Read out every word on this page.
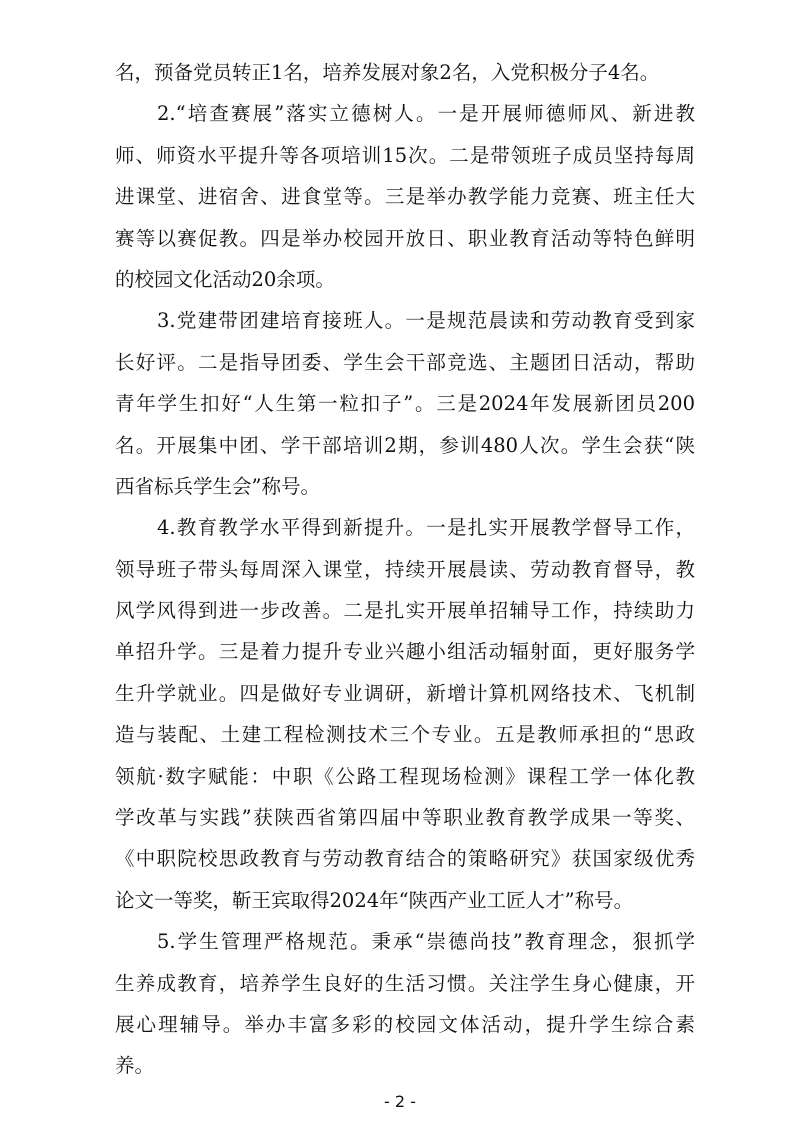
名，预备党员转正1名，培养发展对象2名，入党积极分子4名。
2.“培查赛展”落实立德树人。一是开展师德师风、新进教
师、师资水平提升等各项培训15次。二是带领班子成员坚持每周
进课堂、进宿舍、进食堂等。三是举办教学能力竞赛、班主任大
赛等以赛促教。四是举办校园开放日、职业教育活动等特色鲜明
的校园文化活动20余项。
3.党建带团建培育接班人。一是规范晨读和劳动教育受到家
长好评。二是指导团委、学生会干部竞选、主题团日活动，帮助
青年学生扣好“人生第一粒扣子”。三是2024年发展新团员200
名。开展集中团、学干部培训2期，参训480人次。学生会获“陕
西省标兵学生会”称号。
4.教育教学水平得到新提升。一是扎实开展教学督导工作，
领导班子带头每周深入课堂，持续开展晨读、劳动教育督导，教
风学风得到进一步改善。二是扎实开展单招辅导工作，持续助力
单招升学。三是着力提升专业兴趣小组活动辐射面，更好服务学
生升学就业。四是做好专业调研，新增计算机网络技术、飞机制
造与装配、土建工程检测技术三个专业。五是教师承担的“思政
领航·数字赋能：中职《公路工程现场检测》课程工学一体化教
学改革与实践”获陕西省第四届中等职业教育教学成果一等奖、
《中职院校思政教育与劳动教育结合的策略研究》获国家级优秀
论文一等奖，靳王宾取得2024年“陕西产业工匠人才”称号。
5.学生管理严格规范。秉承“崇德尚技”教育理念，狠抓学
生养成教育，培养学生良好的生活习惯。关注学生身心健康，开
展心理辅导。举办丰富多彩的校园文体活动，提升学生综合素
养。
- 2 -
